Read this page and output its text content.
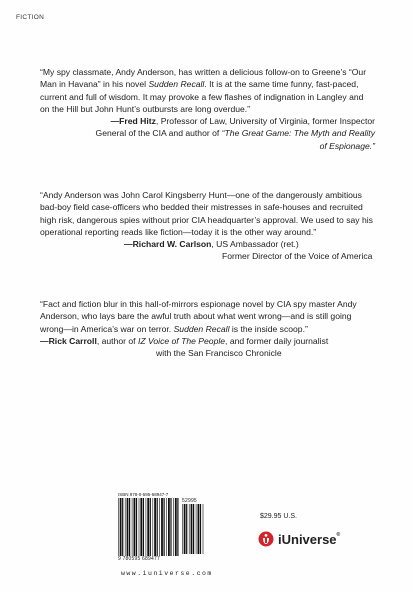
FICTION

“My spy classmate, Andy Anderson, has written a delicious follow-on to Greene’s “Our Man in Havana” in his novel Sudden Recall. It is at the same time funny, fast-paced, current and full of wisdom. It may provoke a few flashes of indignation in Langley and on the Hill but John Hunt’s outbursts are long overdue.”

—Fred Hitz, Professor of Law, University of Virginia, former Inspector General of the CIA and author of “The Great Game: The Myth and Reality of Espionage.”

“Andy Anderson was John Carol Kingsberry Hunt—one of the dangerously ambitious bad-boy field case-officers who bedded their mistresses in safe-houses and recruited high risk, dangerous spies without prior CIA headquarter’s approval. We used to say his operational reporting reads like fiction—today it is the other way around.”

—Richard W. Carlson, US Ambassador (ret.)

Former Director of the Voice of America

“Fact and fiction blur in this hall-of-mirrors espionage novel by CIA spy master Andy Anderson, who lays bare the awful truth about what went wrong—and is still going wrong—in America’s war on terror. Sudden Recall is the inside scoop.”

—Rick Carroll, author of IZ Voice of The People, and former daily journalist

with the San Francisco Chronicle

ISBN 978-0-595-68947-7
52995
9 780595 689477
www.iuniverse.com
$29.95 U.S.
iUniverse®
